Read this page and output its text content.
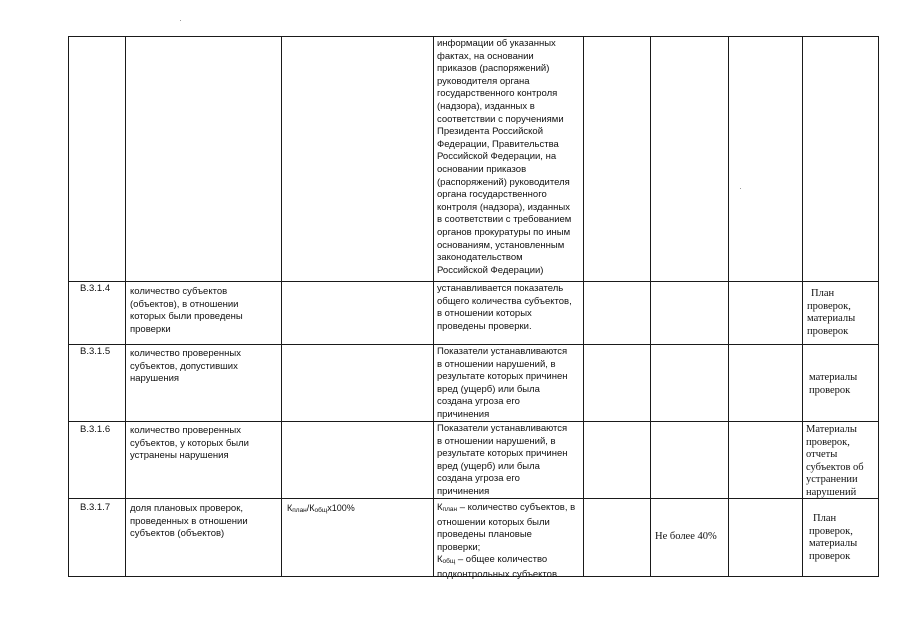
информации об указанных
фактах, на основании
приказов (распоряжений)
руководителя органа
государственного контроля
(надзора), изданных в
соответствии с поручениями
Президента Российской
Федерации, Правительства
Российской Федерации, на
основании приказов
(распоряжений) руководителя
органа государственного
контроля (надзора), изданных
в соответствии с требованием
органов прокуратуры по иным
основаниям, установленным
законодательством
Российской Федерации)
В.3.1.4 количество субъектов
(объектов), в отношении
которых были проведены
проверки
устанавливается показатель
общего количества субъектов,
в отношении которых
проведены проверки.
План
проверок,
материалы
проверок
В.3.1.5 количество проверенных
субъектов, допустивших
нарушения
Показатели устанавливаются
в отношении нарушений, в
результате которых причинен
вред (ущерб) или была
создана угроза его
причинения
материалы
проверок
В.3.1.6 количество проверенных
субъектов, у которых были
устранены нарушения
Показатели устанавливаются
в отношении нарушений, в
результате которых причинен
вред (ущерб) или была
создана угроза его
причинения
Материалы
проверок,
отчеты
субъектов об
устранении
нарушений
В.3.1.7 доля плановых проверок,
проведенных в отношении
субъектов (объектов)
$К_{план}/К_{общ}х100\%$	$К_{план}$ – количество субъектов, в
отношении которых были
проведены плановые
проверки;
$К_{общ}$ – общее количество
подконтрольных субъектов
Не более 40%
План
проверок,
материалы
проверок
